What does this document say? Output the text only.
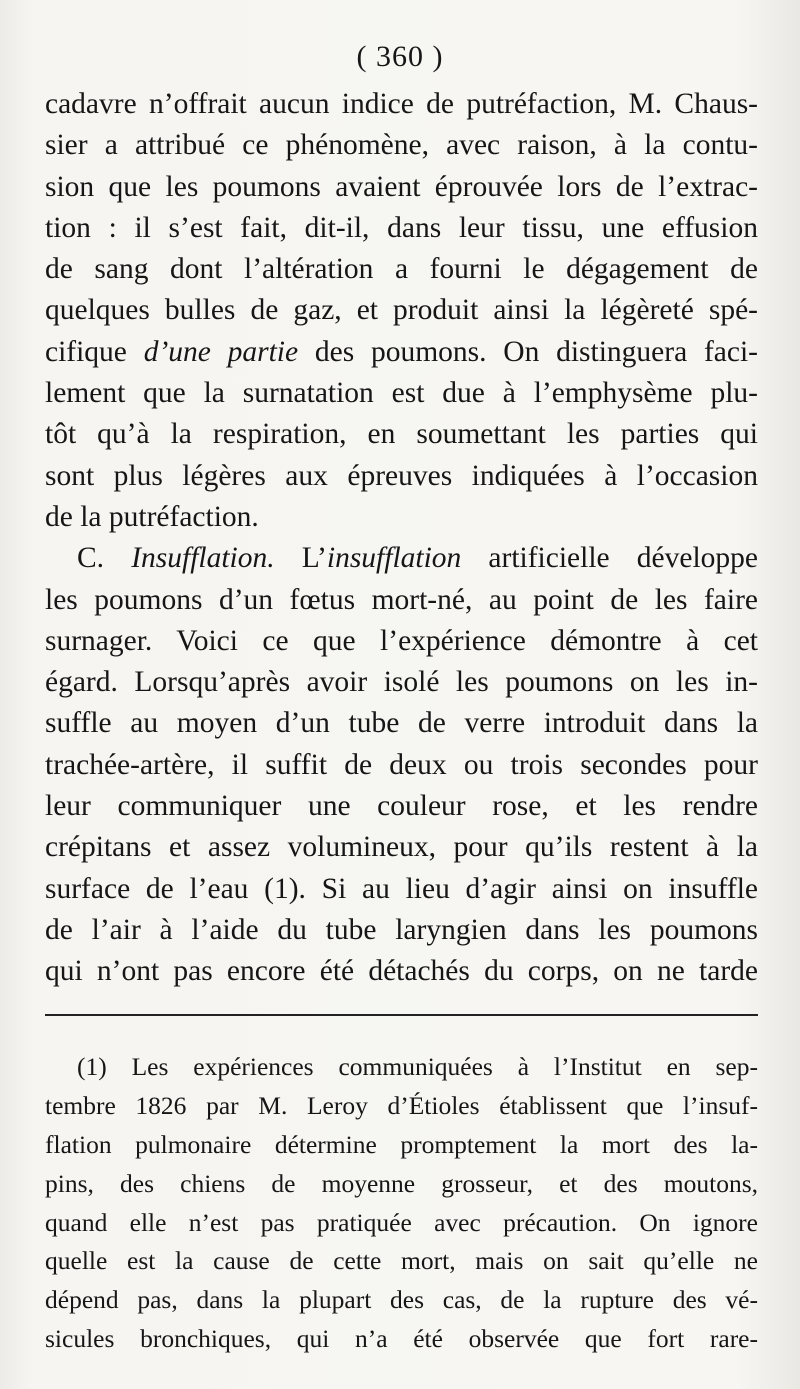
( 360 )
cadavre n’offrait aucun indice de putréfaction, M. Chaus-
sier a attribué ce phénomène, avec raison, à la contu-
sion que les poumons avaient éprouvée lors de l’extrac-
tion : il s’est fait, dit-il, dans leur tissu, une effusion
de sang dont l’altération a fourni le dégagement de
quelques bulles de gaz, et produit ainsi la légèreté spé-
cifique d’une partie des poumons. On distinguera faci-
lement que la surnatation est due à l’emphysème plu-
tôt qu’à la respiration, en soumettant les parties qui
sont plus légères aux épreuves indiquées à l’occasion
de la putréfaction.
C. Insufflation. L’insufflation artificielle développe
les poumons d’un fœtus mort-né, au point de les faire
surnager. Voici ce que l’expérience démontre à cet
égard. Lorsqu’après avoir isolé les poumons on les in-
suffle au moyen d’un tube de verre introduit dans la
trachée-artère, il suffit de deux ou trois secondes pour
leur communiquer une couleur rose, et les rendre
crépitans et assez volumineux, pour qu’ils restent à la
surface de l’eau (1). Si au lieu d’agir ainsi on insuffle
de l’air à l’aide du tube laryngien dans les poumons
qui n’ont pas encore été détachés du corps, on ne tarde
(1) Les expériences communiquées à l’Institut en sep-
tembre 1826 par M. Leroy d’Étioles établissent que l’insuf-
flation pulmonaire détermine promptement la mort des la-
pins, des chiens de moyenne grosseur, et des moutons,
quand elle n’est pas pratiquée avec précaution. On ignore
quelle est la cause de cette mort, mais on sait qu’elle ne
dépend pas, dans la plupart des cas, de la rupture des vé-
sicules bronchiques, qui n’a été observée que fort rare-
